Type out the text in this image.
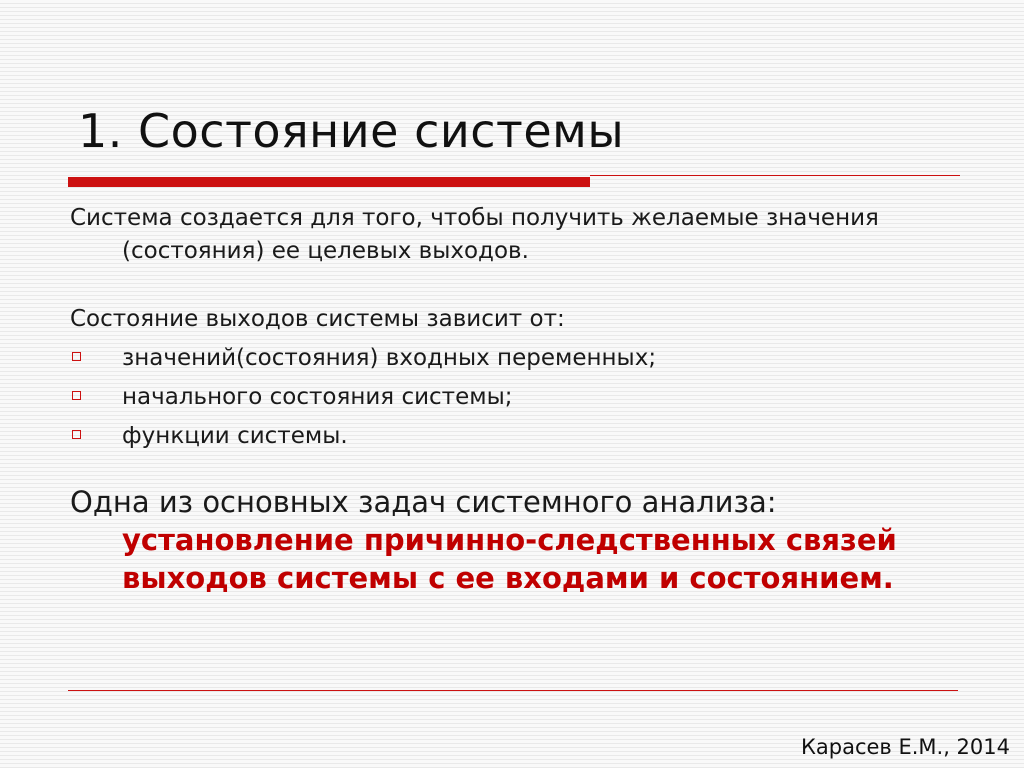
1. Состояние системы

Система создается для того, чтобы получить желаемые значения (состояния) ее целевых выходов.

Состояние выходов системы зависит от:

значений(состояния) входных переменных;
начального состояния системы;
функции системы.

Одна из основных задач системного анализа: установление причинно-следственных связей выходов системы с ее входами и состоянием.

Карасев Е.М., 2014
